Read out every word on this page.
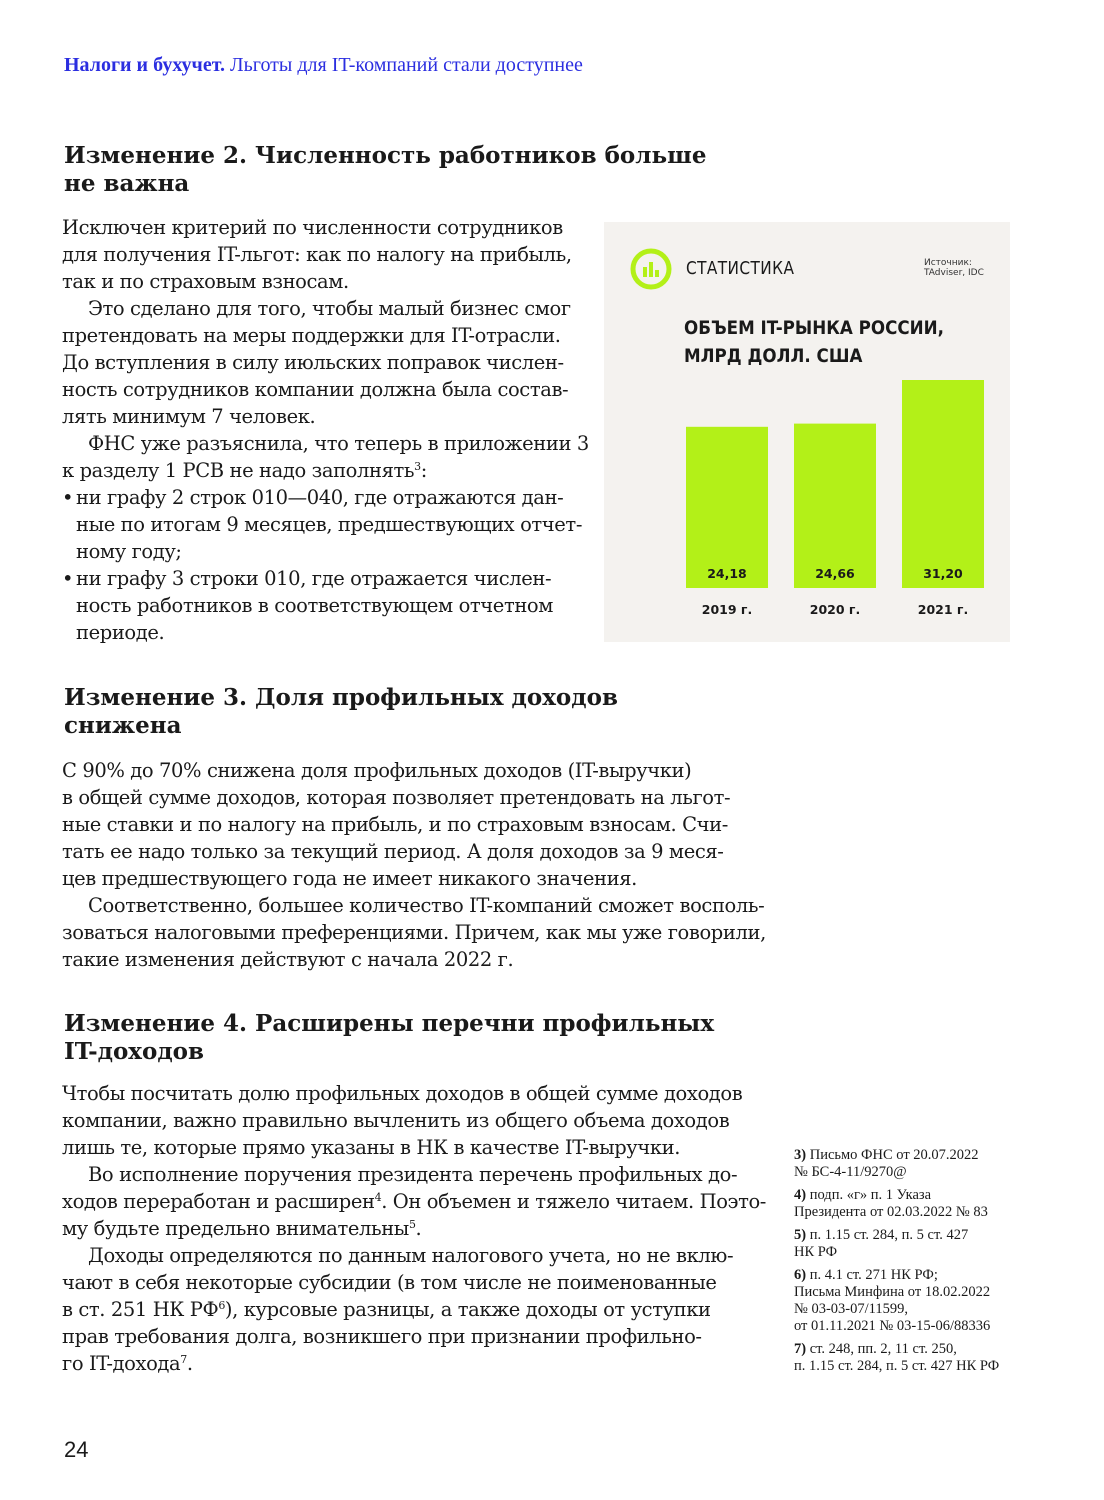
Налоги и бухучет. Льготы для IT-компаний стали доступнее
Изменение 2. Численность работников больше
не важна
Исключен критерий по численности сотрудников
для получения IT-льгот: как по налогу на прибыль,
так и по страховым взносам.
Это сделано для того, чтобы малый бизнес смог
претендовать на меры поддержки для IT-отрасли.
До вступления в силу июльских поправок числен-
ность сотрудников компании должна была состав-
лять минимум 7 человек.
ФНС уже разъяснила, что теперь в приложении 3
к разделу 1 РСВ не надо заполнять$^3$:
• ни графу 2 строк 010—040, где отражаются дан-
ные по итогам 9 месяцев, предшествующих отчет-
ному году;
• ни графу 3 строки 010, где отражается числен-
ность работников в соответствующем отчетном
периоде.
СТАТИСТИКА	Источник:
TAdviser, IDC
ОБЪЕМ IT-РЫНКА РОССИИ,
МЛРД ДОЛЛ. США
24,18
2019 г.
24,66
2020 г.
31,20
2021 г.
Изменение 3. Доля профильных доходов
снижена
С 90% до 70% снижена доля профильных доходов (IT-выручки)
в общей сумме доходов, которая позволяет претендовать на льгот-
ные ставки и по налогу на прибыль, и по страховым взносам. Счи-
тать ее надо только за текущий период. А доля доходов за 9 меся-
цев предшествующего года не имеет никакого значения.
Соответственно, большее количество IT-компаний сможет восполь-
зоваться налоговыми преференциями. Причем, как мы уже говорили,
такие изменения действуют с начала 2022 г.
Изменение 4. Расширены перечни профильных
IT-доходов
Чтобы посчитать долю профильных доходов в общей сумме доходов
компании, важно правильно вычленить из общего объема доходов
лишь те, которые прямо указаны в НК в качестве IT-выручки.
Во исполнение поручения президента перечень профильных до-
ходов переработан и расширен$^4$. Он объемен и тяжело читаем. Поэто-
му будьте предельно внимательны$^5$.
Доходы определяются по данным налогового учета, но не вклю-
чают в себя некоторые субсидии (в том числе не поименованные
в ст. 251 НК $РФ^6$), курсовые разницы, а также доходы от уступки
прав требования долга, возникшего при признании профильно-
го IT-дохода$^7$.
3) Письмо ФНС от 20.07.2022
№ БС-4-11/9270@
4) подп. «г» п. 1 Указа
Президента от 02.03.2022 № 83
5) п. 1.15 ст. 284, п. 5 ст. 427
НК РФ
6) п. 4.1 ст. 271 НК РФ;
Письма Минфина от 18.02.2022
№ 03-03-07/11599,
от 01.11.2021 № 03-15-06/88336
7) ст. 248, пп. 2, 11 ст. 250,
п. 1.15 ст. 284, п. 5 ст. 427 НК РФ
24
